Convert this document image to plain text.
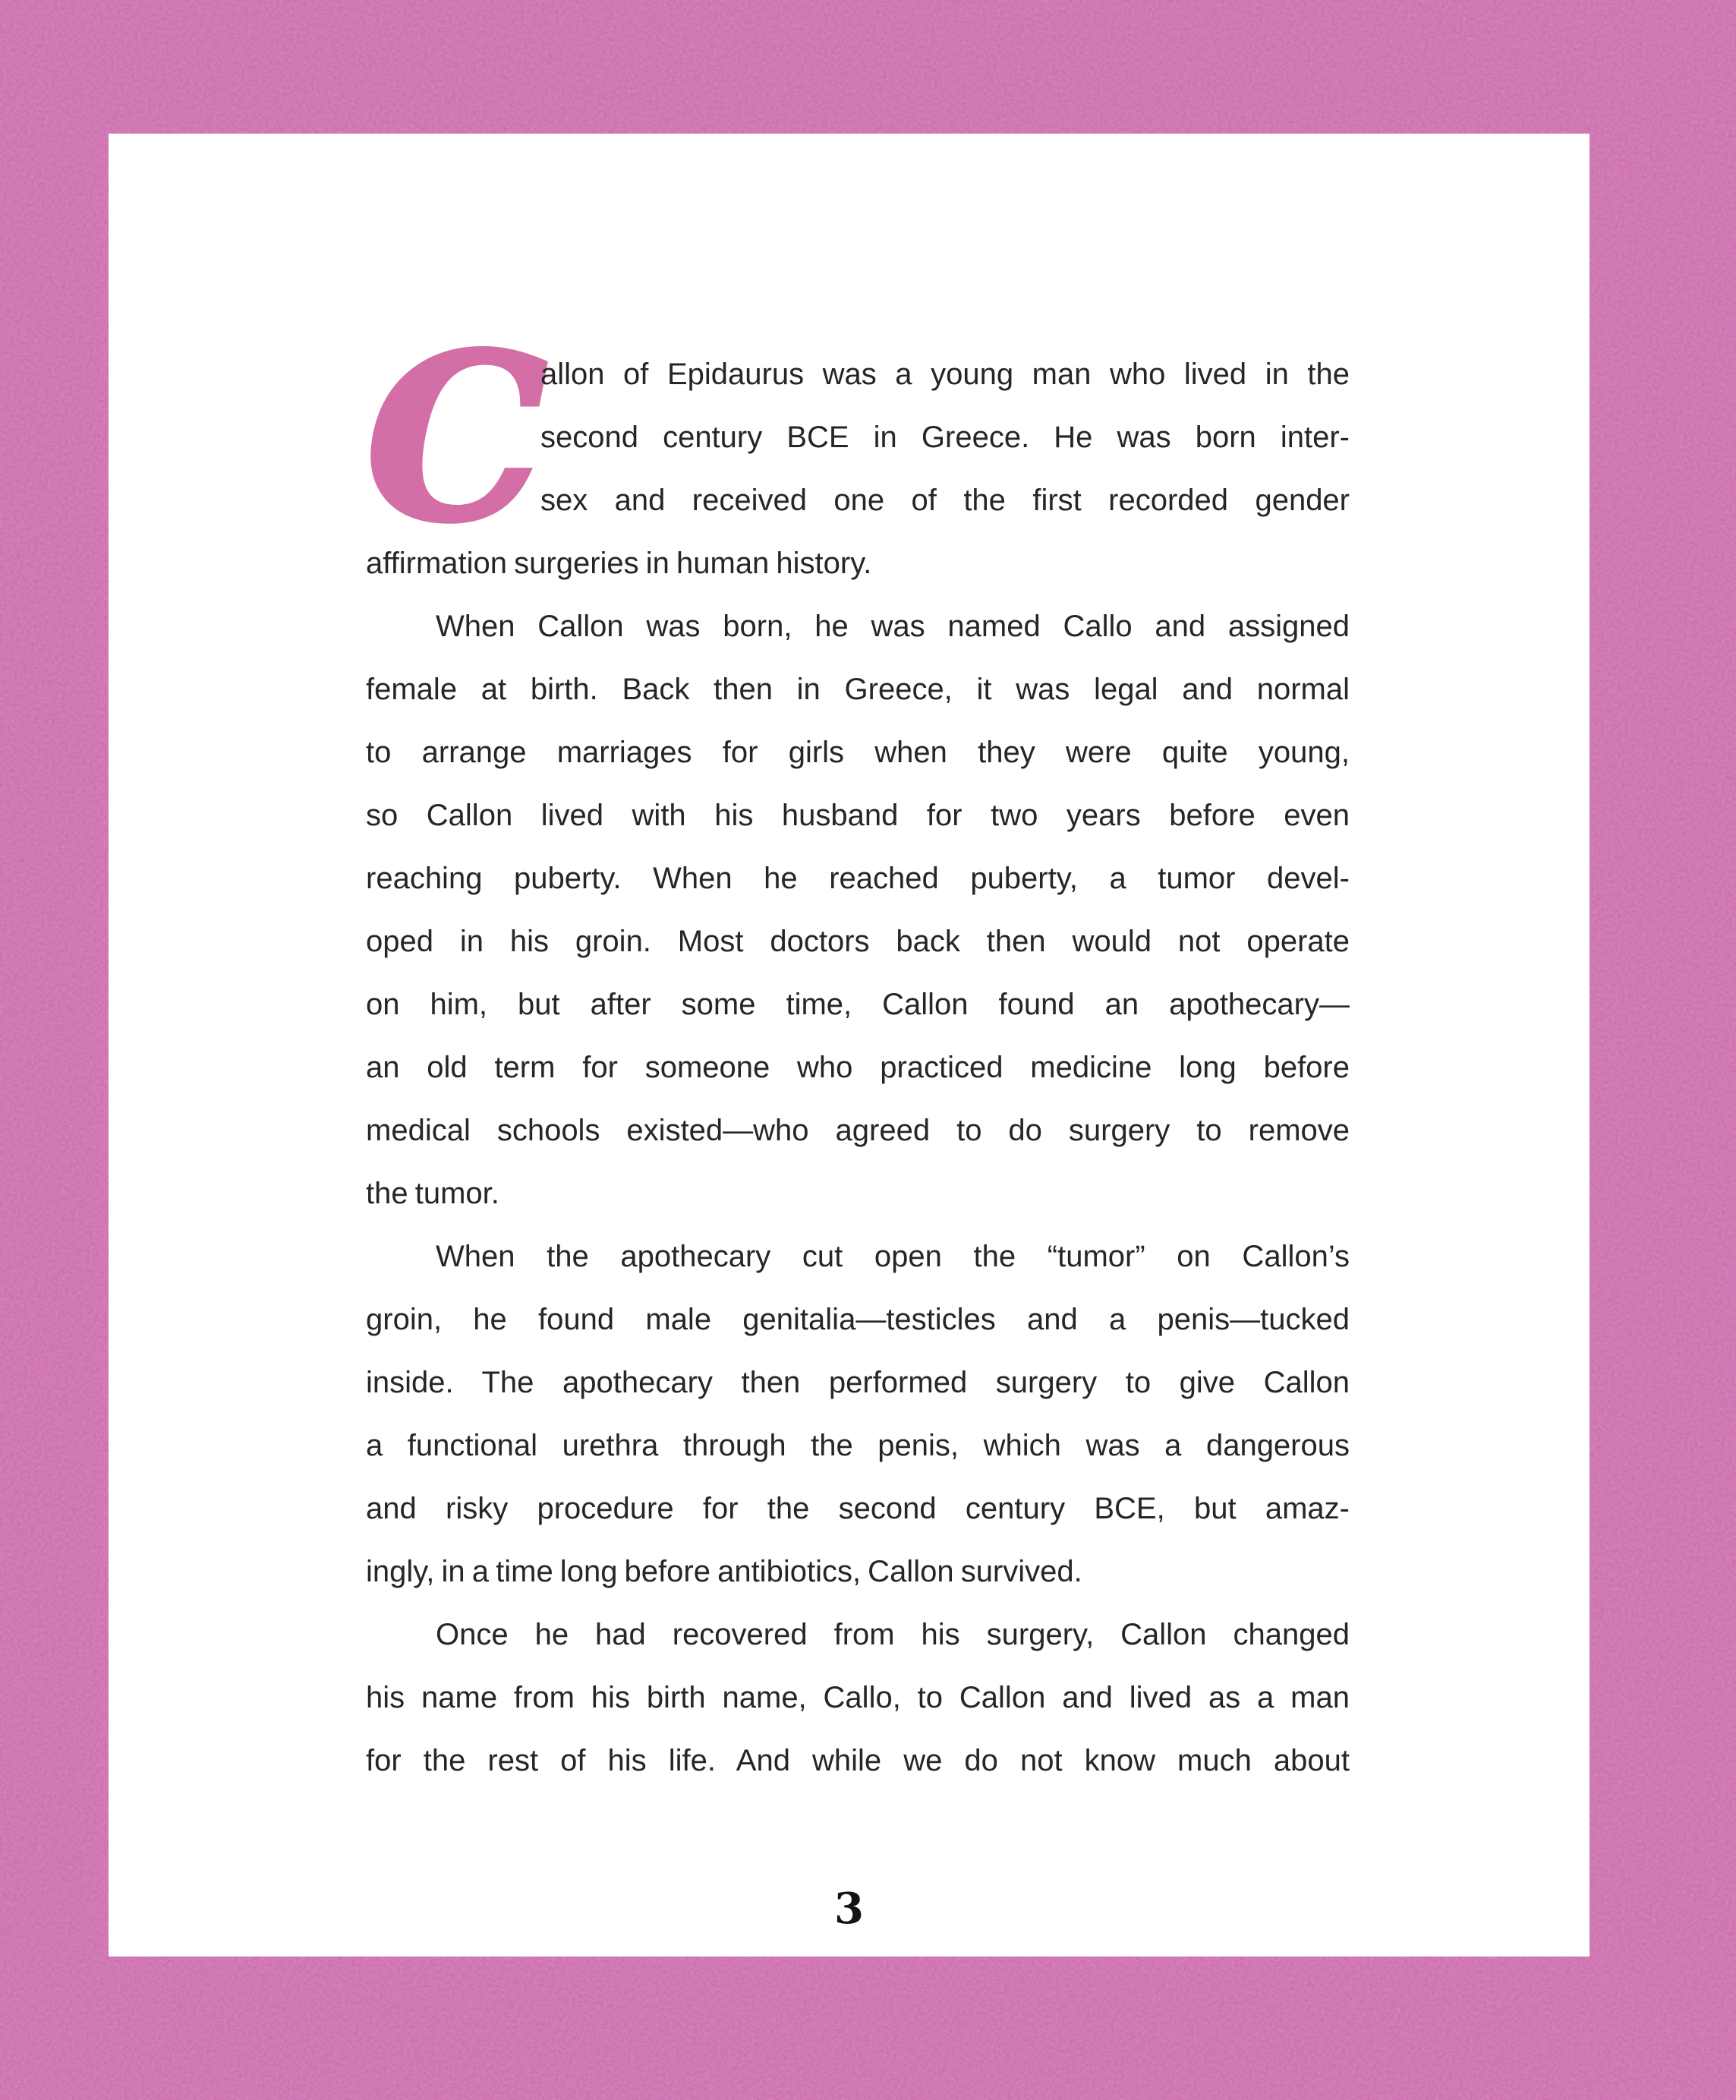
C
allon of Epidaurus was a young man who lived in the
second century BCE in Greece. He was born inter-
sex and received one of the first recorded gender
affirmation surgeries in human history.
When Callon was born, he was named Callo and assigned
female at birth. Back then in Greece, it was legal and normal
to arrange marriages for girls when they were quite young,
so Callon lived with his husband for two years before even
reaching puberty. When he reached puberty, a tumor devel-
oped in his groin. Most doctors back then would not operate
on him, but after some time, Callon found an apothecary—
an old term for someone who practiced medicine long before
medical schools existed—who agreed to do surgery to remove
the tumor.
When the apothecary cut open the “tumor” on Callon’s
groin, he found male genitalia—testicles and a penis—tucked
inside. The apothecary then performed surgery to give Callon
a functional urethra through the penis, which was a dangerous
and risky procedure for the second century BCE, but amaz-
ingly, in a time long before antibiotics, Callon survived.
Once he had recovered from his surgery, Callon changed
his name from his birth name, Callo, to Callon and lived as a man
for the rest of his life. And while we do not know much about
3
